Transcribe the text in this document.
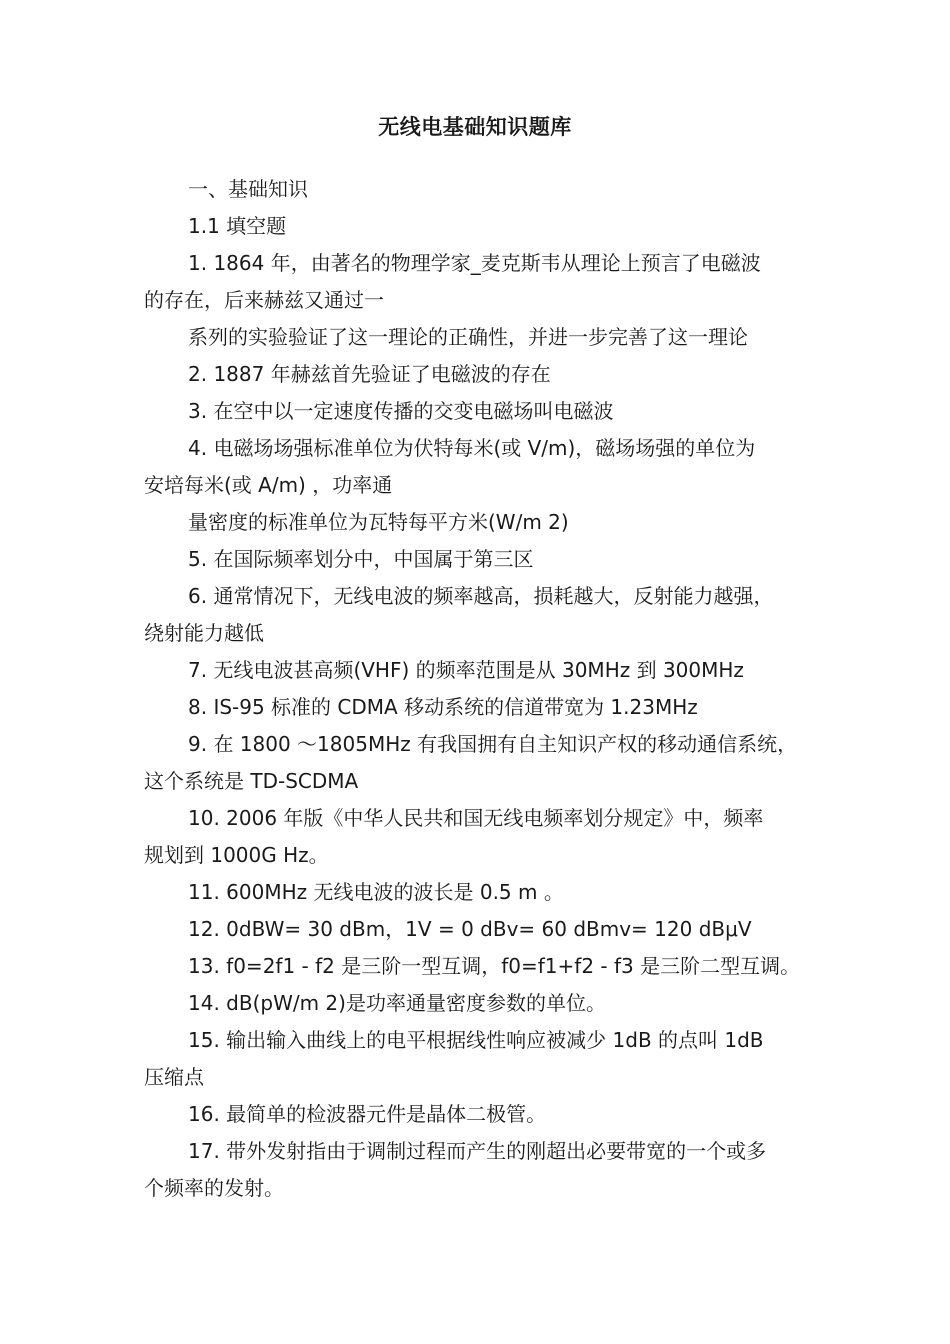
无线电基础知识题库

一、基础知识

1.1 填空题

1. 1864 年，由著名的物理学家_麦克斯韦从理论上预言了电磁波

的存在，后来赫兹又通过一

系列的实验验证了这一理论的正确性，并进一步完善了这一理论

2. 1887 年赫兹首先验证了电磁波的存在

3. 在空中以一定速度传播的交变电磁场叫电磁波

4. 电磁场场强标准单位为伏特每米(或 V/m)，磁场场强的单位为

安培每米(或 A/m) ，功率通

量密度的标准单位为瓦特每平方米(W/m 2)

5. 在国际频率划分中，中国属于第三区

6. 通常情况下，无线电波的频率越高，损耗越大，反射能力越强，

绕射能力越低

7. 无线电波甚高频(VHF) 的频率范围是从 30MHz 到 300MHz

8. IS-95 标准的 CDMA 移动系统的信道带宽为 1.23MHz

9. 在 1800 ～1805MHz 有我国拥有自主知识产权的移动通信系统，

这个系统是 TD-SCDMA

10. 2006 年版《中华人民共和国无线电频率划分规定》中，频率

规划到 1000G Hz。

11. 600MHz 无线电波的波长是 0.5 m 。

12. 0dBW= 30 dBm，1V = 0 dBv= 60 dBmv= 120 dBμV

13. f0=2f1 - f2 是三阶一型互调，f0=f1+f2 - f3 是三阶二型互调。

14. dB(pW/m 2)是功率通量密度参数的单位。

15. 输出输入曲线上的电平根据线性响应被减少 1dB 的点叫 1dB

压缩点

16. 最简单的检波器元件是晶体二极管。

17. 带外发射指由于调制过程而产生的刚超出必要带宽的一个或多

个频率的发射。
